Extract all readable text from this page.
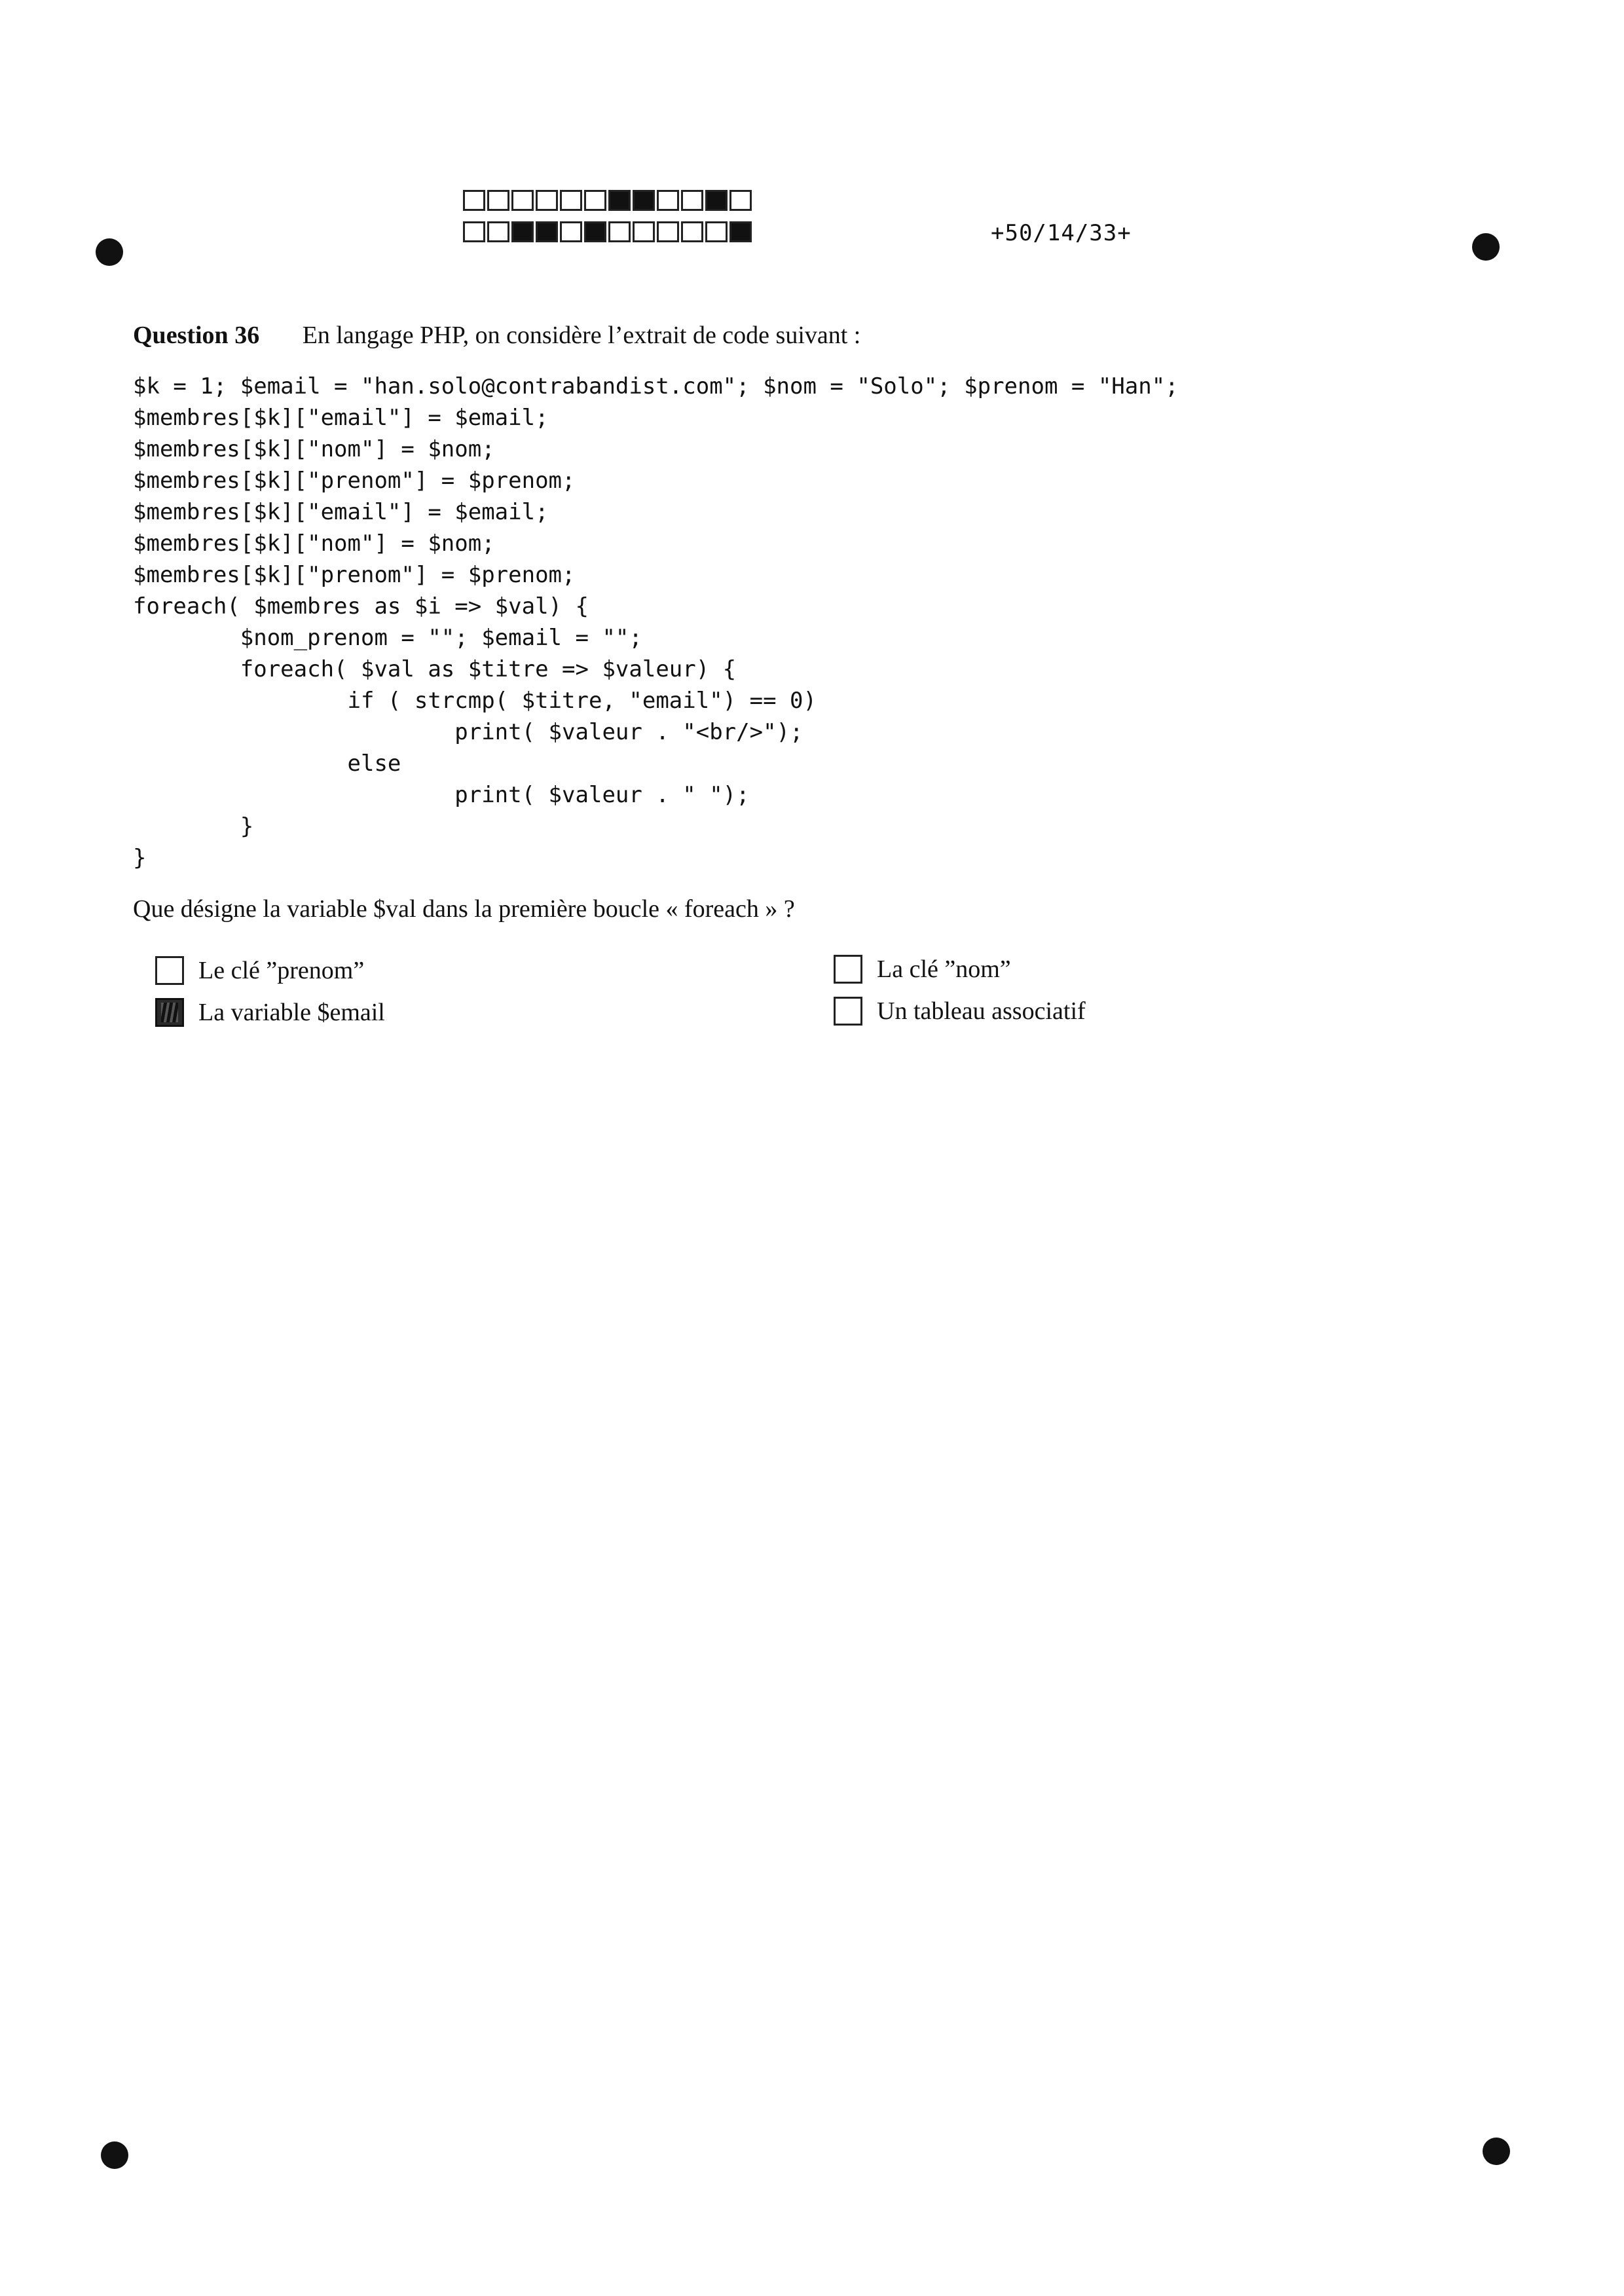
+50/14/33+
Question 36 En langage PHP, on considère l’extrait de code suivant :
$k = 1; $email = "han.solo@contrabandist.com"; $nom = "Solo"; $prenom = "Han";
$membres[$k]["email"] = $email;
$membres[$k]["nom"] = $nom;
$membres[$k]["prenom"] = $prenom;
$membres[$k]["email"] = $email;
$membres[$k]["nom"] = $nom;
$membres[$k]["prenom"] = $prenom;
foreach( $membres as $i => $val) {
$nom_prenom = ""; $email = "";
foreach( $val as $titre => $valeur) {
if ( strcmp( $titre, "email") == 0)
print( $valeur . "<br/>");
else
print( $valeur . " ");
}
}
Que désigne la variable $val dans la première boucle « foreach » ?
Le clé ”prenom”	La clé ”nom”
La variable $email	Un tableau associatif
